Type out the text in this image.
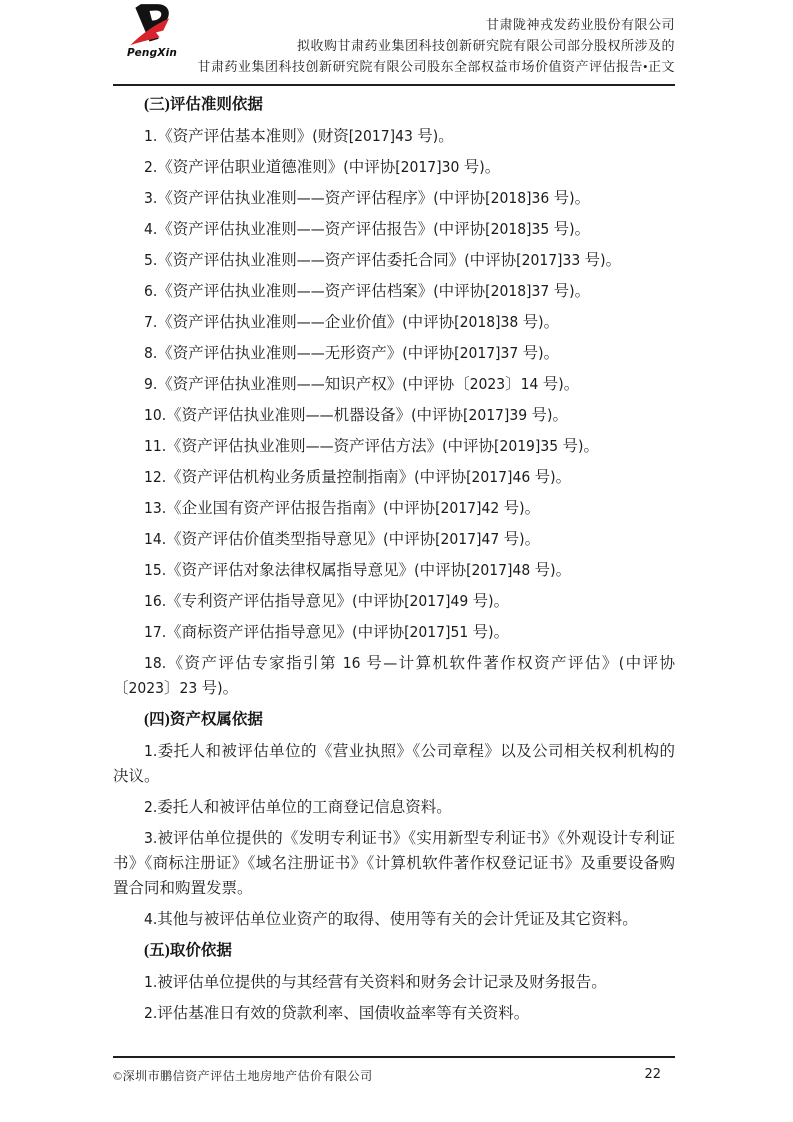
PengXin
甘肃陇神戎发药业股份有限公司
拟收购甘肃药业集团科技创新研究院有限公司部分股权所涉及的
甘肃药业集团科技创新研究院有限公司股东全部权益市场价值资产评估报告•正文
(三)评估准则依据

1.《资产评估基本准则》(财资[2017]43 号)。

2.《资产评估职业道德准则》(中评协[2017]30 号)。

3.《资产评估执业准则——资产评估程序》(中评协[2018]36 号)。

4.《资产评估执业准则——资产评估报告》(中评协[2018]35 号)。

5.《资产评估执业准则——资产评估委托合同》(中评协[2017]33 号)。

6.《资产评估执业准则——资产评估档案》(中评协[2018]37 号)。

7.《资产评估执业准则——企业价值》(中评协[2018]38 号)。

8.《资产评估执业准则——无形资产》(中评协[2017]37 号)。

9.《资产评估执业准则——知识产权》(中评协〔2023〕14 号)。

10.《资产评估执业准则——机器设备》(中评协[2017]39 号)。

11.《资产评估执业准则——资产评估方法》(中评协[2019]35 号)。

12.《资产评估机构业务质量控制指南》(中评协[2017]46 号)。

13.《企业国有资产评估报告指南》(中评协[2017]42 号)。

14.《资产评估价值类型指导意见》(中评协[2017]47 号)。

15.《资产评估对象法律权属指导意见》(中评协[2017]48 号)。

16.《专利资产评估指导意见》(中评协[2017]49 号)。

17.《商标资产评估指导意见》(中评协[2017]51 号)。

18.《资产评估专家指引第 16 号—计算机软件著作权资产评估》(中评协〔2023〕23 号)。

(四)资产权属依据

1.委托人和被评估单位的《营业执照》《公司章程》以及公司相关权利机构的决议。

2.委托人和被评估单位的工商登记信息资料。

3.被评估单位提供的《发明专利证书》《实用新型专利证书》《外观设计专利证书》《商标注册证》《域名注册证书》《计算机软件著作权登记证书》及重要设备购置合同和购置发票。

4.其他与被评估单位业资产的取得、使用等有关的会计凭证及其它资料。

(五)取价依据

1.被评估单位提供的与其经营有关资料和财务会计记录及财务报告。

2.评估基准日有效的贷款利率、国债收益率等有关资料。

©深圳市鹏信资产评估土地房地产估价有限公司	22
